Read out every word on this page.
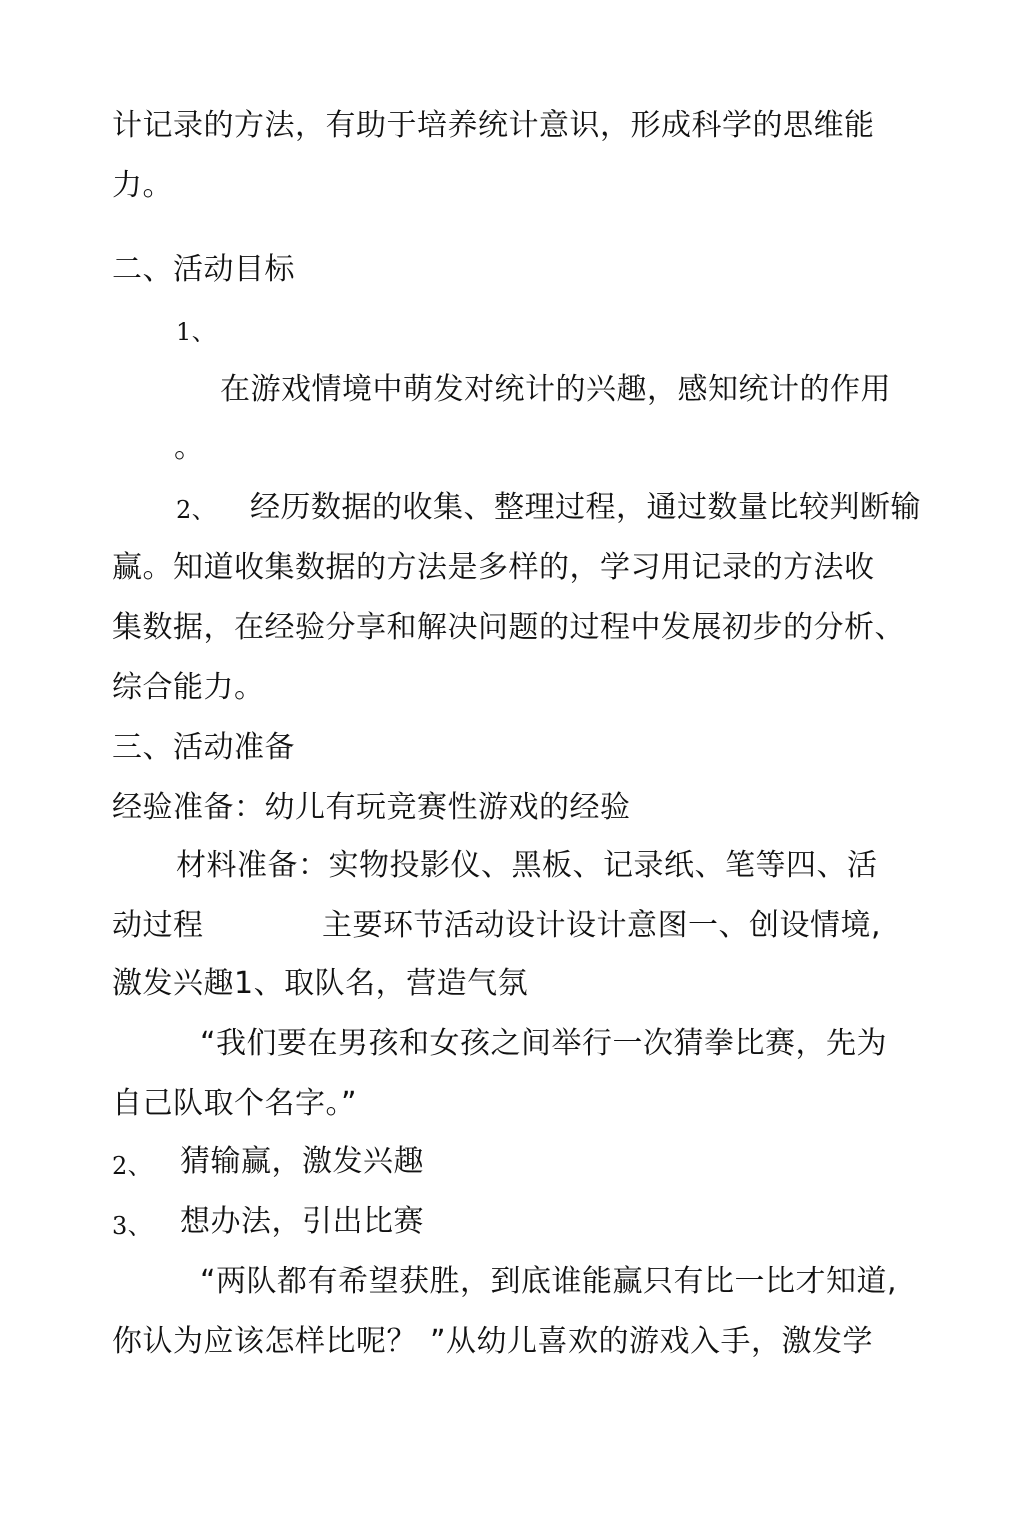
计记录的方法，有助于培养统计意识，形成科学的思维能
力。
二、活动目标
1、
在游戏情境中萌发对统计的兴趣，感知统计的作用
。
2、 经历数据的收集、整理过程，通过数量比较判断输
赢。知道收集数据的方法是多样的，学习用记录的方法收
集数据，在经验分享和解决问题的过程中发展初步的分析、
综合能力。
三、活动准备
经验准备：幼儿有玩竞赛性游戏的经验
材料准备：实物投影仪、黑板、记录纸、笔等四、活
动过程	主要环节活动设计设计意图一、创设情境,
激发兴趣1、取队名，营造气氛
“我们要在男孩和女孩之间举行一次猜拳比赛，先为
自己队取个名字。”
2、 猜输赢，激发兴趣
3、 想办法，引出比赛
“两队都有希望获胜，到底谁能赢只有比一比才知道,
你认为应该怎样比呢？ ”从幼儿喜欢的游戏入手，激发学
